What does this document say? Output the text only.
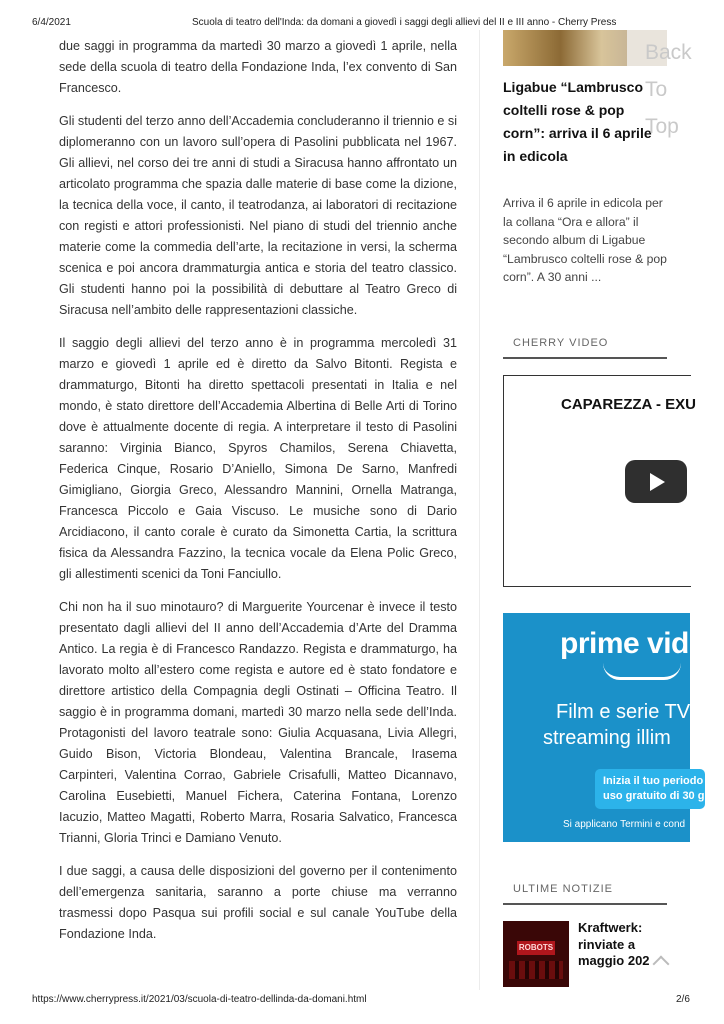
6/4/2021	Scuola di teatro dell'Inda: da domani a giovedì i saggi degli allievi del II e III anno - Cherry Press

due saggi in programma da martedì 30 marzo a giovedì 1 aprile, nella sede della scuola di teatro della Fondazione Inda, l’ex convento di San Francesco.

Gli studenti del terzo anno dell’Accademia concluderanno il triennio e si diplomeranno con un lavoro sull’opera di Pasolini pubblicata nel 1967. Gli allievi, nel corso dei tre anni di studi a Siracusa hanno affrontato un articolato programma che spazia dalle materie di base come la dizione, la tecnica della voce, il canto, il teatrodanza, ai laboratori di recitazione con registi e attori professionisti. Nel piano di studi del triennio anche materie come la commedia dell’arte, la recitazione in versi, la scherma scenica e poi ancora drammaturgia antica e storia del teatro classico. Gli studenti hanno poi la possibilità di debuttare al Teatro Greco di Siracusa nell’ambito delle rappresentazioni classiche.

Il saggio degli allievi del terzo anno è in programma mercoledì 31 marzo e giovedì 1 aprile ed è diretto da Salvo Bitonti. Regista e drammaturgo, Bitonti ha diretto spettacoli presentati in Italia e nel mondo, è stato direttore dell’Accademia Albertina di Belle Arti di Torino dove è attualmente docente di regia. A interpretare il testo di Pasolini saranno: Virginia Bianco, Spyros Chamilos, Serena Chiavetta, Federica Cinque, Rosario D’Aniello, Simona De Sarno, Manfredi Gimigliano, Giorgia Greco, Alessandro Mannini, Ornella Matranga, Francesca Piccolo e Gaia Viscuso. Le musiche sono di Dario Arcidiacono, il canto corale è curato da Simonetta Cartia, la scrittura fisica da Alessandra Fazzino, la tecnica vocale da Elena Polic Greco, gli allestimenti scenici da Toni Fanciullo.

Chi non ha il suo minotauro? di Marguerite Yourcenar è invece il testo presentato dagli allievi del II anno dell’Accademia d’Arte del Dramma Antico. La regia è di Francesco Randazzo. Regista e drammaturgo, ha lavorato molto all’estero come regista e autore ed è stato fondatore e direttore artistico della Compagnia degli Ostinati – Officina Teatro. Il saggio è in programma domani, martedì 30 marzo nella sede dell’Inda. Protagonisti del lavoro teatrale sono: Giulia Acquasana, Livia Allegri, Guido Bison, Victoria Blondeau, Valentina Brancale, Irasema Carpinteri, Valentina Corrao, Gabriele Crisafulli, Matteo Dicannavo, Carolina Eusebietti, Manuel Fichera, Caterina Fontana, Lorenzo Iacuzio, Matteo Magatti, Roberto Marra, Rosaria Salvatico, Francesca Trianni, Gloria Trinci e Damiano Venuto.

I due saggi, a causa delle disposizioni del governo per il contenimento dell’emergenza sanitaria, saranno a porte chiuse ma verranno trasmessi dopo Pasqua sui profili social e sul canale YouTube della Fondazione Inda.

Ligabue “Lambrusco coltelli rose & pop corn”: arriva il 6 aprile in edicola
Back To Top
Arriva il 6 aprile in edicola per la collana “Ora e allora” il secondo album di Ligabue “Lambrusco coltelli rose & pop corn”. A 30 anni ...
CHERRY VIDEO
CAPAREZZA - EXU
prime vide
Film e serie TV
streaming illim
Inizia il tuo periodo d
uso gratuito di 30 gio
Si applicano Termini e cond
ULTIME NOTIZIE
ROBOTS
Kraftwerk: rinviate a maggio 202
https://www.cherrypress.it/2021/03/scuola-di-teatro-dellinda-da-domani.html	2/6
